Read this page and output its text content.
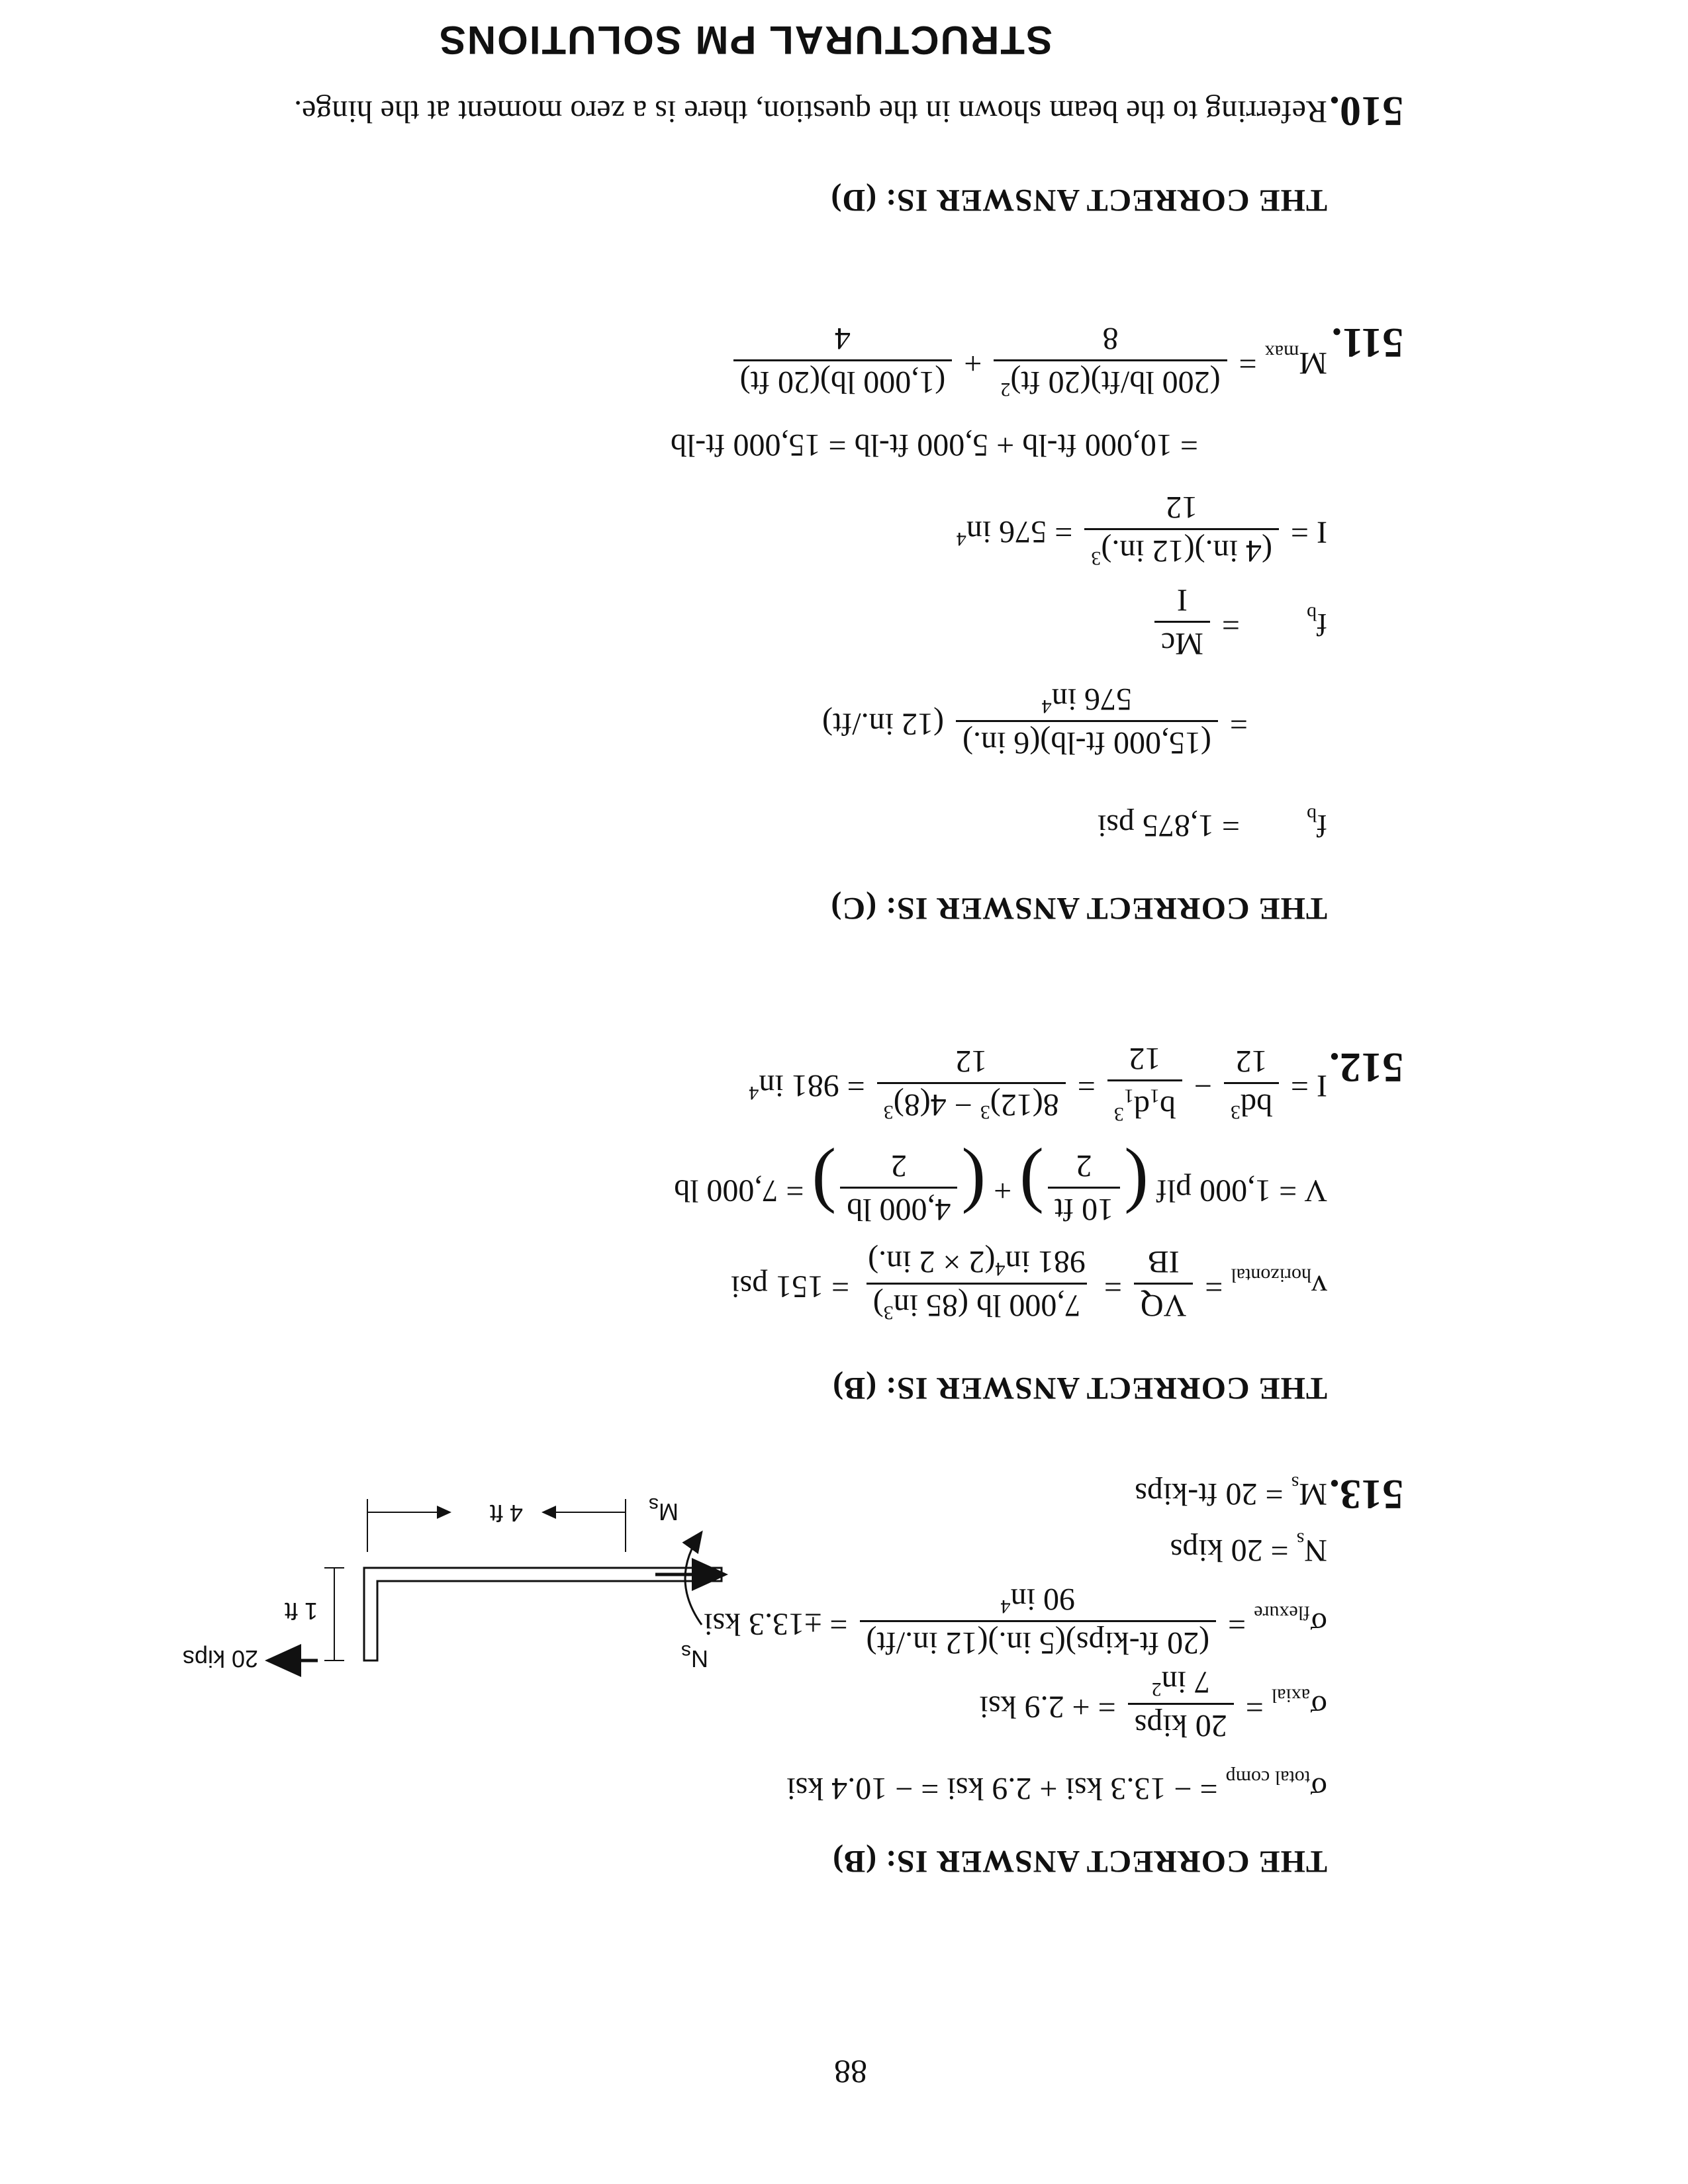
STRUCTURAL PM SOLUTIONS
510.
Referring to the beam shown in the question, there is a zero moment at the hinge.
THE CORRECT ANSWER IS: (D)
511.
$M_{max}$ =
(200 lb/ft)(20 ft)$^2$
8
+
(1,000 lb)(20 ft)
4
= 10,000 ft-lb + 5,000 ft-lb = 15,000 ft-lb
I =
(4 in.)(12 in.)$^3$
12
= 576 $in^4$
$f_b$ =
Mc
I
=
(15,000 ft-lb)(6 in.)
576 $in^4$
(12 in./ft)
$f_b = 1,875$ psi
THE CORRECT ANSWER IS: (C)
512.
I =
$bd^3$
12
−
$b_1d_1^3$
12
=
$8(12)^3 - 4(8)^3$
12
= 981 $in^4$
V = 1,000 plf (
10 ft
2
) + (
4,000 lb
2
) = 7,000 lb
$v_{horizontal}$ =
VQ
IB
=
7,000 lb (85 $in^3$)
981 $in^4(2 \times 2$ in.)
= 151 psi
THE CORRECT ANSWER IS: (B)
513.
$M_s = 20$ ft-kips
$N_s = 20$ kips
$\sigma_{flexure}$ =
(20 ft-kips)(5 in.)(12 in./ft)
90 $in^4$
= ±13.3 ksi
$\sigma_{axial}$ =
20 kips
7 $in^2$
= + 2.9 ksi
$\sigma_{total comp}$ = − 13.3 ksi + 2.9 ksi = − 10.4 ksi
THE CORRECT ANSWER IS: (B)
20 kips
1 ft
4 ft	$M_s$
$N_s$
88
